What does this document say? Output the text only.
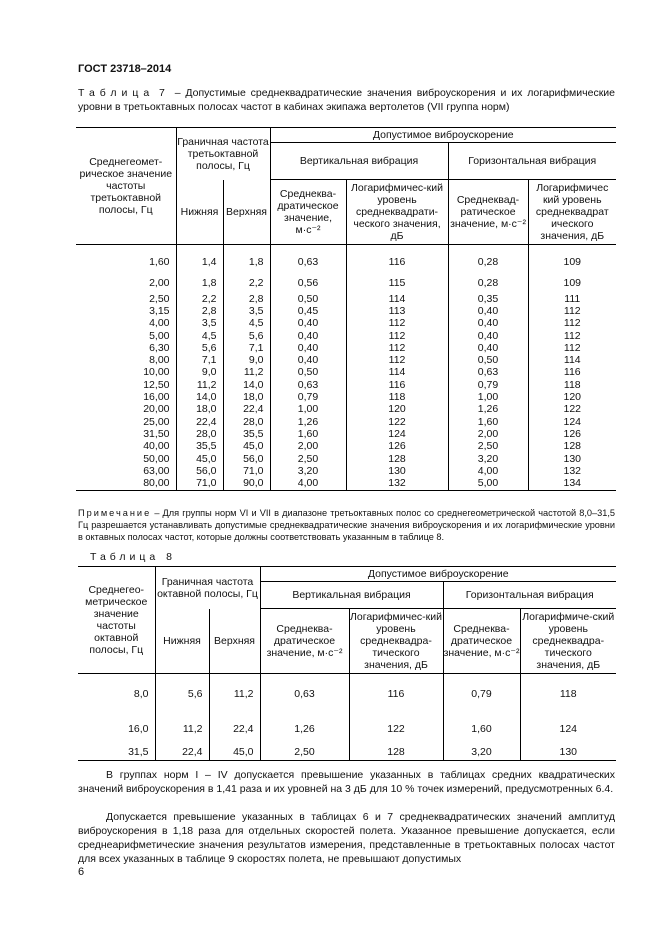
ГОСТ 23718–2014
Таблица 7 – Допустимые среднеквадратические значения виброускорения и их логарифмические уровни в третьоктавных полосах частот в кабинах экипажа вертолетов (VII группа норм)
Среднегеомет-рическое значение частоты третьоктавной полосы, Гц	Граничная частота третьоктавной полосы, Гц		Допустимое виброускорение			
			Вертикальная вибрация		Горизонтальная вибрация	
	Нижняя	Верхняя	Среднеква-дратическое значение, м·с⁻²	Логарифмичес-кий уровень среднеквадрати-ческого значения, дБ	Среднеквад-ратическое значение, м·с⁻²	Логарифмичес кий уровень среднеквадрат ического значения, дБ

1,60	1,4	1,8	0,63	116	0,28	109
2,00	1,8	2,2	0,56	115	0,28	109
2,50	2,2	2,8	0,50	114	0,35	111
3,15	2,8	3,5	0,45	113	0,40	112
4,00	3,5	4,5	0,40	112	0,40	112
5,00	4,5	5,6	0,40	112	0,40	112
6,30	5,6	7,1	0,40	112	0,40	112
8,00	7,1	9,0	0,40	112	0,50	114
10,00	9,0	11,2	0,50	114	0,63	116
12,50	11,2	14,0	0,63	116	0,79	118
16,00	14,0	18,0	0,79	118	1,00	120
20,00	18,0	22,4	1,00	120	1,26	122
25,00	22,4	28,0	1,26	122	1,60	124
31,50	28,0	35,5	1,60	124	2,00	126
40,00	35,5	45,0	2,00	126	2,50	128
50,00	45,0	56,0	2,50	128	3,20	130
63,00	56,0	71,0	3,20	130	4,00	132
80,00	71,0	90,0	4,00	132	5,00	134
Примечание – Для группы норм VI и VII в диапазоне третьоктавных полос со среднегеометрической частотой 8,0–31,5 Гц разрешается устанавливать допустимые среднеквадратические значения виброускорения и их логарифмические уровни в октавных полосах частот, которые должны соответствовать указанным в таблице 8.
Таблица 8
Среднегео-метрическое значение частоты октавной полосы, Гц	Граничная частота октавной полосы, Гц		Допустимое виброускорение			
			Вертикальная вибрация		Горизонтальная вибрация	
	Нижняя	Верхняя	Среднеква-дратическое значение, м·с⁻²	Логарифмичес-кий уровень среднеквадра-тического значения, дБ	Среднеква-дратическое значение, м·с⁻²	Логарифмиче-ский уровень среднеквадра-тического значения, дБ
8,0	5,6	11,2	0,63	116	0,79	118
16,0	11,2	22,4	1,26	122	1,60	124
31,5	22,4	45,0	2,50	128	3,20	130
В группах норм I – IV допускается превышение указанных в таблицах средних квадратических значений виброускорения в 1,41 раза и их уровней на 3 дБ для 10 % точек измерений, предусмотренных 6.4.
Допускается превышение указанных в таблицах 6 и 7 среднеквадратических значений амплитуд виброускорения в 1,18 раза для отдельных скоростей полета. Указанное превышение допускается, если среднеарифметические значения результатов измерения, представленные в третьоктавных полосах частот для всех указанных в таблице 9 скоростях полета, не превышают допустимых
6
